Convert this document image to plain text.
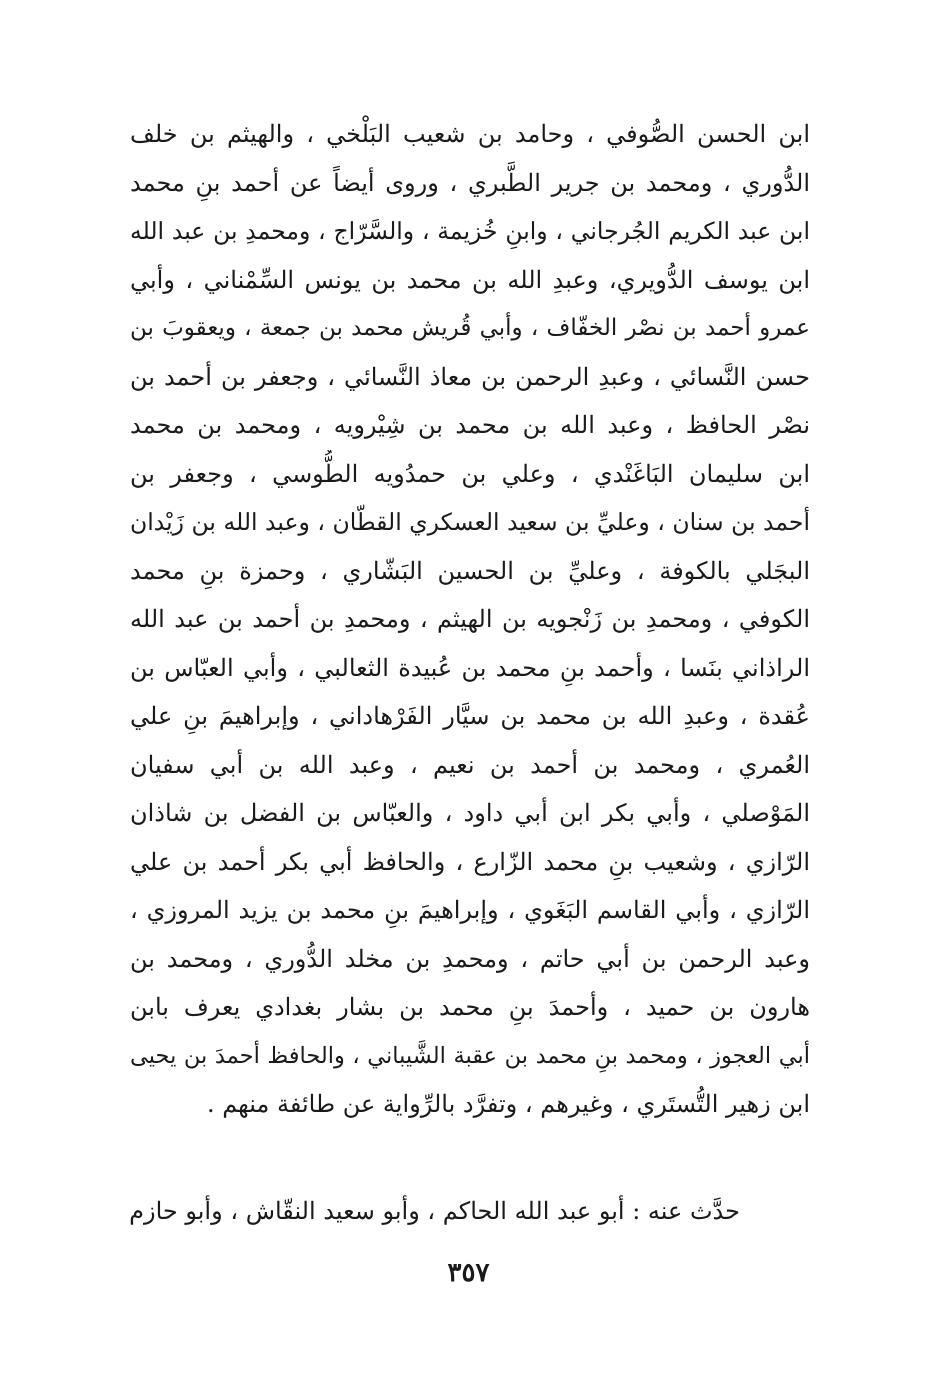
ابن الحسن الصُّوفي ، وحامد بن شعيب البَلْخي ، والهيثم بن خلف
الدُّوري ، ومحمد بن جرير الطَّبري ، وروى أيضاً عن أحمد بنِ محمد
ابن عبد الكريم الجُرجاني ، وابنِ خُزيمة ، والسَّرّاج ، ومحمدِ بن عبد الله
ابن يوسف الدُّويري، وعبدِ الله بن محمد بن يونس السِّمْناني ، وأبي
عمرو أحمد بن نصْر الخفّاف ، وأبي قُريش محمد بن جمعة ، ويعقوبَ بن
حسن النَّسائي ، وعبدِ الرحمن بن معاذ النَّسائي ، وجعفر بن أحمد بن
نصْر الحافظ ، وعبد الله بن محمد بن شِيْرويه ، ومحمد بن محمد
ابن سليمان البَاغَنْدي ، وعلي بن حمدُويه الطُّوسي ، وجعفر بن
أحمد بن سنان ، وعليِّ بن سعيد العسكري القطّان ، وعبد الله بن زَيْدان
البجَلي بالكوفة ، وعليِّ بن الحسين البَشّاري ، وحمزة بنِ محمد
الكوفي ، ومحمدِ بن زَنْجويه بن الهيثم ، ومحمدِ بن أحمد بن عبد الله
الراذاني بنَسا ، وأحمد بنِ محمد بن عُبيدة الثعالبي ، وأبي العبّاس بن
عُقدة ، وعبدِ الله بن محمد بن سيَّار الفَرْهاداني ، وإبراهيمَ بنِ علي
العُمري ، ومحمد بن أحمد بن نعيم ، وعبد الله بن أبي سفيان
المَوْصلي ، وأبي بكر ابن أبي داود ، والعبّاس بن الفضل بن شاذان
الرّازي ، وشعيب بنِ محمد الزّارع ، والحافظ أبي بكر أحمد بن علي
الرّازي ، وأبي القاسم البَغَوي ، وإبراهيمَ بنِ محمد بن يزيد المروزي ،
وعبد الرحمن بن أبي حاتم ، ومحمدِ بن مخلد الدُّوري ، ومحمد بن
هارون بن حميد ، وأحمدَ بنِ محمد بن بشار بغدادي يعرف بابن
أبي العجوز ، ومحمد بنِ محمد بن عقبة الشَّيباني ، والحافظ أحمدَ بن يحيى
ابن زهير التُّستَري ، وغيرهم ، وتفرَّد بالرِّواية عن طائفة منهم .
حدَّث عنه : أبو عبد الله الحاكم ، وأبو سعيد النقّاش ، وأبو حازم
٣٥٧
